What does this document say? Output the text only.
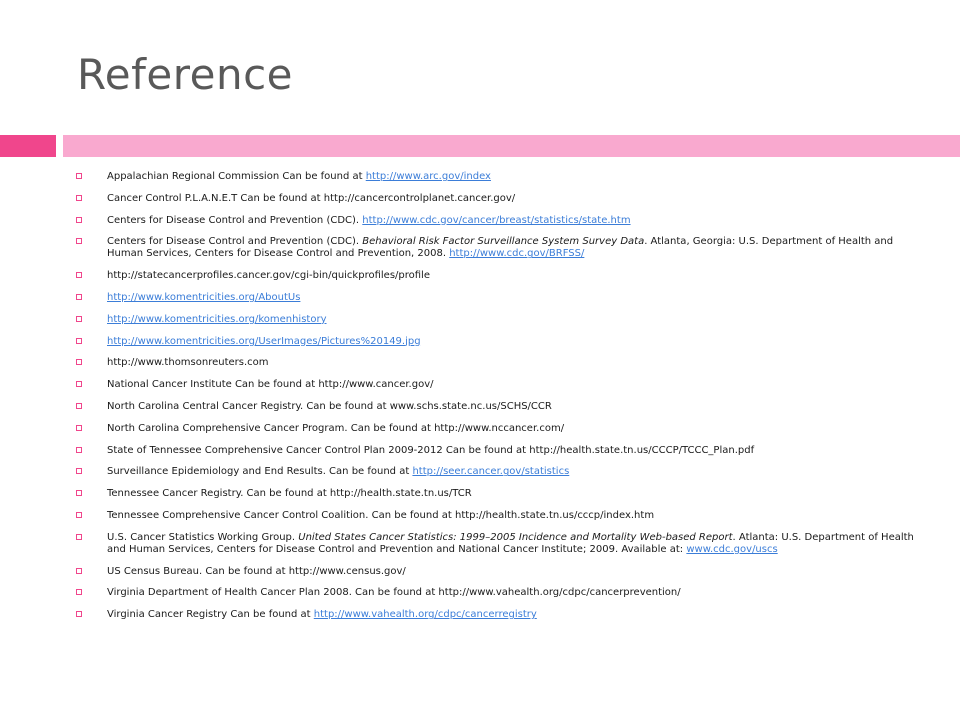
Reference
Appalachian Regional Commission Can be found at http://www.arc.gov/index
Cancer Control P.L.A.N.E.T Can be found at http://cancercontrolplanet.cancer.gov/
Centers for Disease Control and Prevention (CDC). http://www.cdc.gov/cancer/breast/statistics/state.htm
Centers for Disease Control and Prevention (CDC). Behavioral Risk Factor Surveillance System Survey Data. Atlanta, Georgia: U.S. Department of Health and Human Services, Centers for Disease Control and Prevention, 2008. http://www.cdc.gov/BRFSS/
http://statecancerprofiles.cancer.gov/cgi-bin/quickprofiles/profile
http://www.komentricities.org/AboutUs
http://www.komentricities.org/komenhistory
http://www.komentricities.org/UserImages/Pictures%20149.jpg
http://www.thomsonreuters.com
National Cancer Institute Can be found at http://www.cancer.gov/
North Carolina Central Cancer Registry. Can be found at www.schs.state.nc.us/SCHS/CCR
North Carolina Comprehensive Cancer Program. Can be found at http://www.nccancer.com/
State of Tennessee Comprehensive Cancer Control Plan 2009-2012 Can be found at http://health.state.tn.us/CCCP/TCCC_Plan.pdf
Surveillance Epidemiology and End Results. Can be found at http://seer.cancer.gov/statistics
Tennessee Cancer Registry. Can be found at http://health.state.tn.us/TCR
Tennessee Comprehensive Cancer Control Coalition. Can be found at http://health.state.tn.us/cccp/index.htm
U.S. Cancer Statistics Working Group. United States Cancer Statistics: 1999–2005 Incidence and Mortality Web-based Report. Atlanta: U.S. Department of Health and Human Services, Centers for Disease Control and Prevention and National Cancer Institute; 2009. Available at: www.cdc.gov/uscs
US Census Bureau. Can be found at http://www.census.gov/
Virginia Department of Health Cancer Plan 2008. Can be found at http://www.vahealth.org/cdpc/cancerprevention/
Virginia Cancer Registry Can be found at http://www.vahealth.org/cdpc/cancerregistry
